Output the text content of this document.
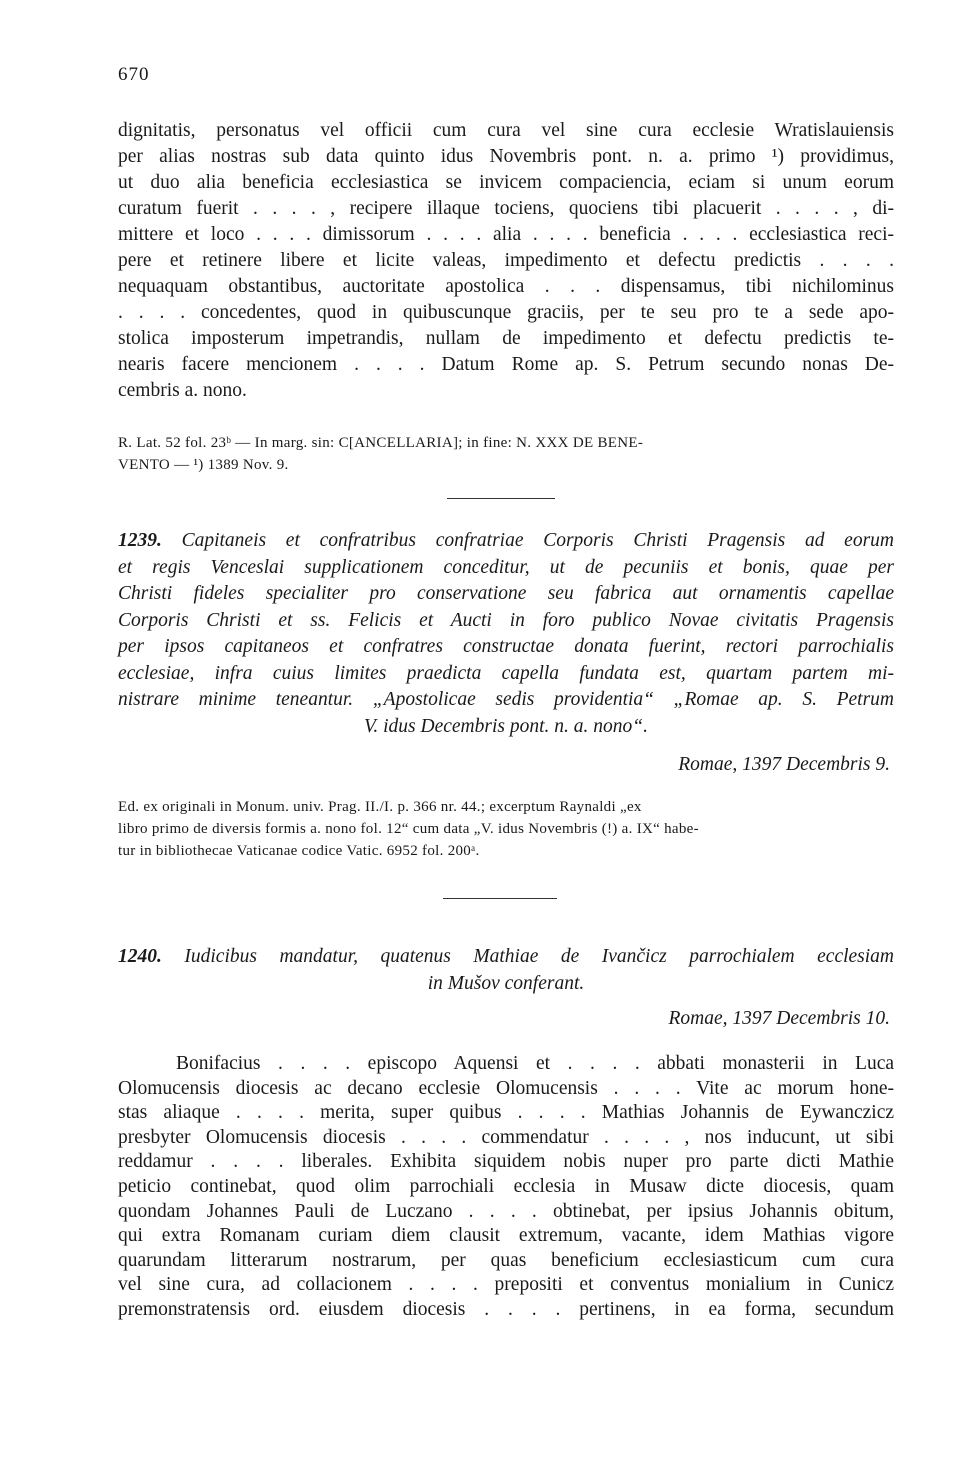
670
dignitatis, personatus vel officii cum cura vel sine cura ecclesie Wratislauiensis
per alias nostras sub data quinto idus Novembris pont. n. a. primo ¹) providimus,
ut duo alia beneficia ecclesiastica se invicem compaciencia, eciam si unum eorum
curatum fuerit . . . . , recipere illaque tociens, quociens tibi placuerit . . . . , di-
mittere et loco . . . . dimissorum . . . . alia . . . . beneficia . . . . ecclesiastica reci-
pere et retinere libere et licite valeas, impedimento et defectu predictis . . . .
nequaquam obstantibus, auctoritate apostolica . . . dispensamus, tibi nichilominus
. . . . concedentes, quod in quibuscunque graciis, per te seu pro te a sede apo-
stolica imposterum impetrandis, nullam de impedimento et defectu predictis te-
nearis facere mencionem . . . . Datum Rome ap. S. Petrum secundo nonas De-
cembris a. nono.
R. Lat. 52 fol. 23ᵇ — In marg. sin: C[ANCELLARIA]; in fine: N. XXX DE BENE-
VENTO — ¹) 1389 Nov. 9.
1239. Capitaneis et confratribus confratriae Corporis Christi Pragensis ad eorum
et regis Venceslai supplicationem conceditur, ut de pecuniis et bonis, quae per
Christi fideles specialiter pro conservatione seu fabrica aut ornamentis capellae
Corporis Christi et ss. Felicis et Aucti in foro publico Novae civitatis Pragensis
per ipsos capitaneos et confratres constructae donata fuerint, rectori parrochialis
ecclesiae, infra cuius limites praedicta capella fundata est, quartam partem mi-
nistrare minime teneantur. „Apostolicae sedis providentia“ „Romae ap. S. Petrum
V. idus Decembris pont. n. a. nono“.
Romae, 1397 Decembris 9.
Ed. ex originali in Monum. univ. Prag. II./I. p. 366 nr. 44.; excerptum Raynaldi „ex
libro primo de diversis formis a. nono fol. 12“ cum data „V. idus Novembris (!) a. IX“ habe-
tur in bibliothecae Vaticanae codice Vatic. 6952 fol. 200ᵃ.
1240. Iudicibus mandatur, quatenus Mathiae de Ivančicz parrochialem ecclesiam
in Mušov conferant.
Romae, 1397 Decembris 10.
Bonifacius . . . . episcopo Aquensi et . . . . abbati monasterii in Luca
Olomucensis diocesis ac decano ecclesie Olomucensis . . . . Vite ac morum hone-
stas aliaque . . . . merita, super quibus . . . . Mathias Johannis de Eywanczicz
presbyter Olomucensis diocesis . . . . commendatur . . . . , nos inducunt, ut sibi
reddamur . . . . liberales. Exhibita siquidem nobis nuper pro parte dicti Mathie
peticio continebat, quod olim parrochiali ecclesia in Musaw dicte diocesis, quam
quondam Johannes Pauli de Luczano . . . . obtinebat, per ipsius Johannis obitum,
qui extra Romanam curiam diem clausit extremum, vacante, idem Mathias vigore
quarundam litterarum nostrarum, per quas beneficium ecclesiasticum cum cura
vel sine cura, ad collacionem . . . . prepositi et conventus monialium in Cunicz
premonstratensis ord. eiusdem diocesis . . . . pertinens, in ea forma, secundum
